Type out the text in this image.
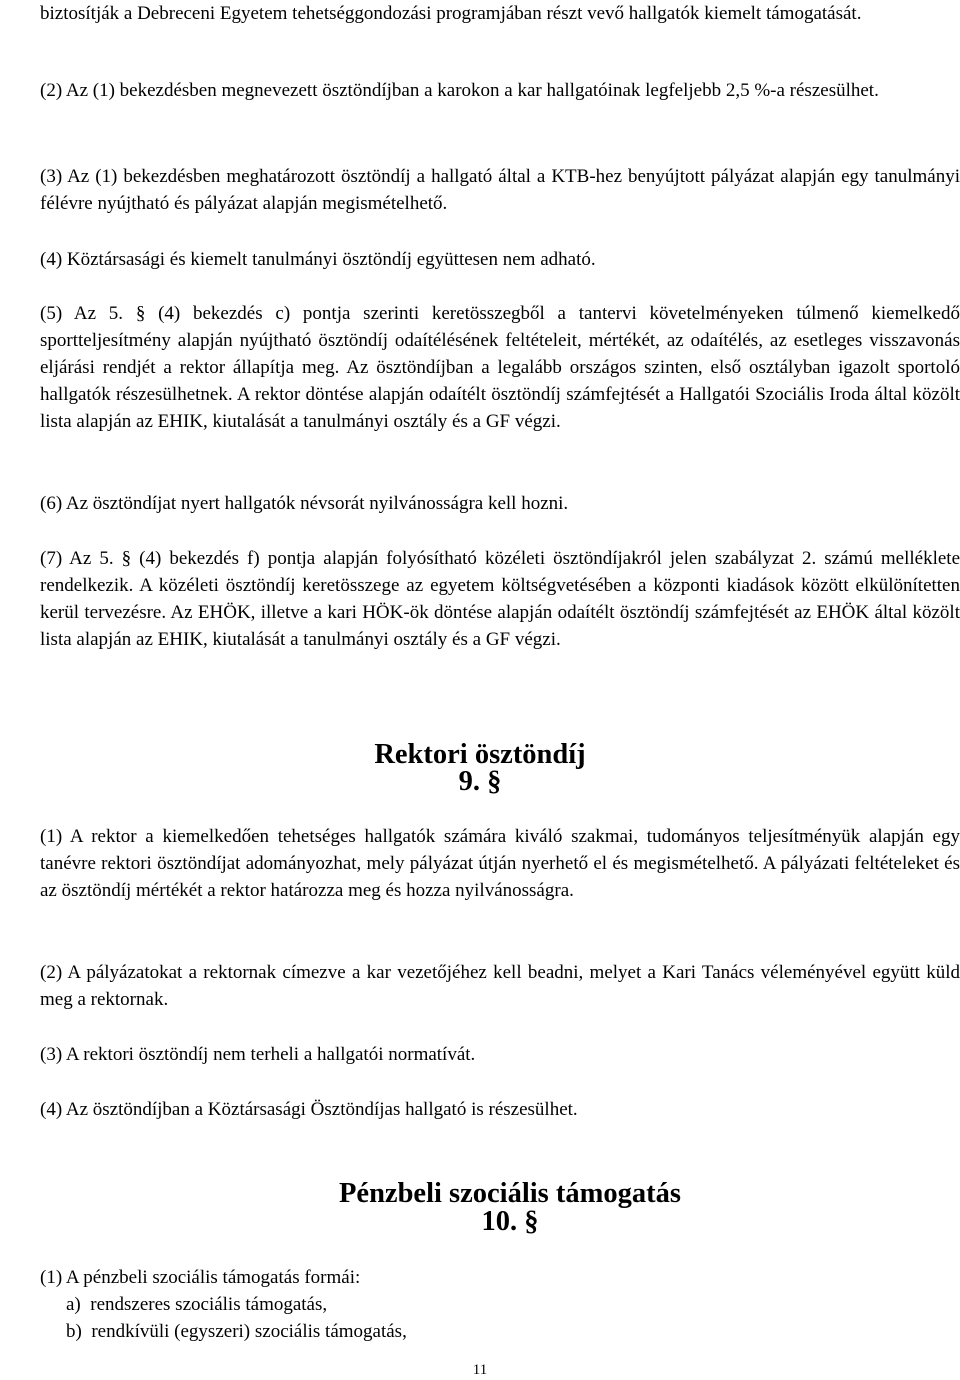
biztosítják a Debreceni Egyetem tehetséggondozási programjában részt vevő hallgatók kiemelt támogatását.

(2) Az (1) bekezdésben megnevezett ösztöndíjban a karokon a kar hallgatóinak legfeljebb 2,5 %-a részesülhet.

(3) Az (1) bekezdésben meghatározott ösztöndíj a hallgató által a KTB-hez benyújtott pályázat alapján egy tanulmányi félévre nyújtható és pályázat alapján megismételhető.

(4) Köztársasági és kiemelt tanulmányi ösztöndíj együttesen nem adható.

(5) Az 5. § (4) bekezdés c) pontja szerinti keretösszegből a tantervi követelményeken túlmenő kiemelkedő sportteljesítmény alapján nyújtható ösztöndíj odaítélésének feltételeit, mértékét, az odaítélés, az esetleges visszavonás eljárási rendjét a rektor állapítja meg. Az ösztöndíjban a legalább országos szinten, első osztályban igazolt sportoló hallgatók részesülhetnek. A rektor döntése alapján odaítélt ösztöndíj számfejtését a Hallgatói Szociális Iroda által közölt lista alapján az EHIK, kiutalását a tanulmányi osztály és a GF végzi.

(6) Az ösztöndíjat nyert hallgatók névsorát nyilvánosságra kell hozni.

(7) Az 5. § (4) bekezdés f) pontja alapján folyósítható közéleti ösztöndíjakról jelen szabályzat 2. számú melléklete rendelkezik. A közéleti ösztöndíj keretösszege az egyetem költségvetésében a központi kiadások között elkülönítetten kerül tervezésre. Az EHÖK, illetve a kari HÖK-ök döntése alapján odaítélt ösztöndíj számfejtését az EHÖK által közölt lista alapján az EHIK, kiutalását a tanulmányi osztály és a GF végzi.

Rektori ösztöndíj
9. §

(1) A rektor a kiemelkedően tehetséges hallgatók számára kiváló szakmai, tudományos teljesítményük alapján egy tanévre rektori ösztöndíjat adományozhat, mely pályázat útján nyerhető el és megismételhető. A pályázati feltételeket és az ösztöndíj mértékét a rektor határozza meg és hozza nyilvánosságra.

(2) A pályázatokat a rektornak címezve a kar vezetőjéhez kell beadni, melyet a Kari Tanács véleményével együtt küld meg a rektornak.

(3) A rektori ösztöndíj nem terheli a hallgatói normatívát.

(4) Az ösztöndíjban a Köztársasági Ösztöndíjas hallgató is részesülhet.

Pénzbeli szociális támogatás
10. §

(1) A pénzbeli szociális támogatás formái:

a)  rendszeres szociális támogatás,

b)  rendkívüli (egyszeri) szociális támogatás,

11
